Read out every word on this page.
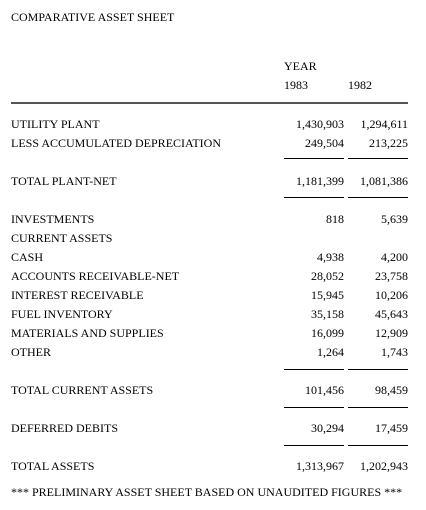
COMPARATIVE ASSET SHEET
YEAR
1983	1982
UTILITY PLANT	1,430,903 1,294,611
LESS ACCUMULATED DEPRECIATION	249,504 213,225
TOTAL PLANT-NET	1,181,399 1,081,386
INVESTMENTS	818	5,639
CURRENT ASSETS
CASH	4,938	4,200
ACCOUNTS RECEIVABLE-NET	28,052	23,758
INTEREST RECEIVABLE	15,945	10,206
FUEL INVENTORY	35,158	45,643
MATERIALS AND SUPPLIES	16,099	12,909
OTHER	1,264	1,743
TOTAL CURRENT ASSETS	101,456	98,459
DEFERRED DEBITS	30,294	17,459
TOTAL ASSETS	1,313,967 1,202,943
*** PRELIMINARY ASSET SHEET BASED ON UNAUDITED FIGURES ***
